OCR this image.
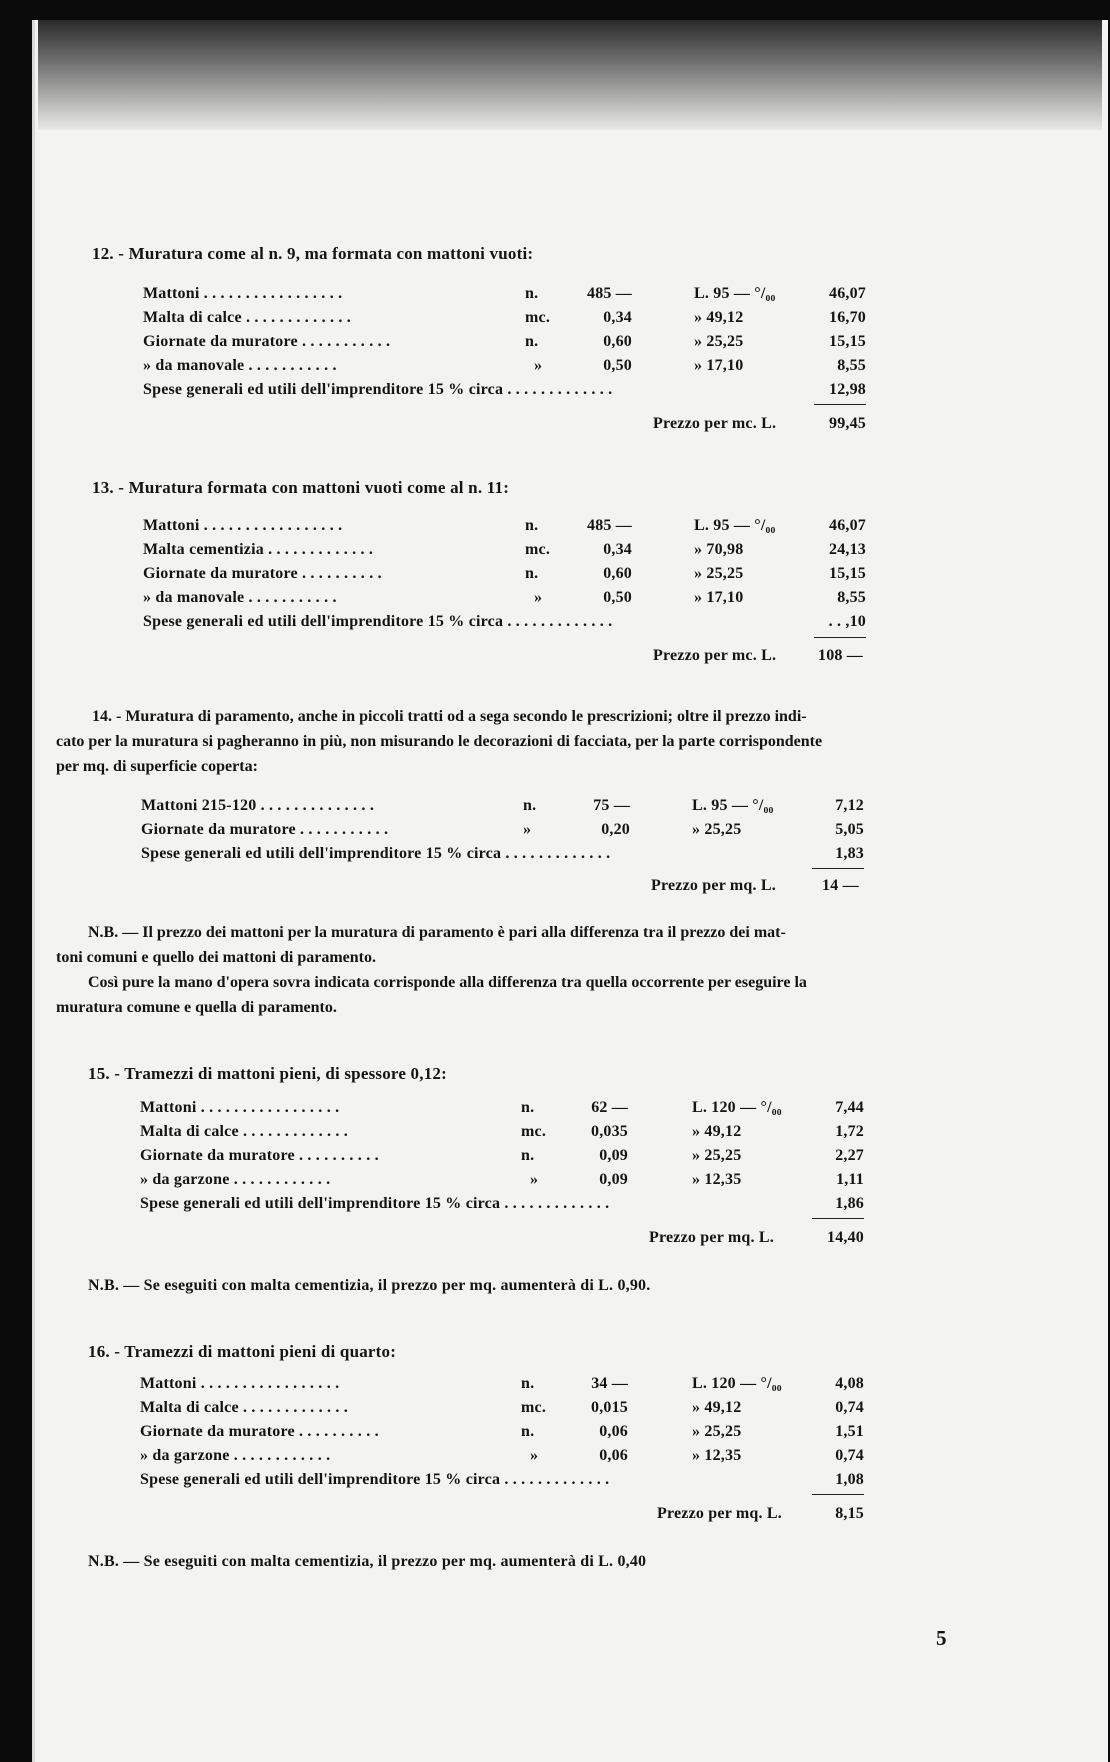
12. - Muratura come al n. 9, ma formata con mattoni vuoti:
Mattoni . . . . . . . . . . . . . . . . .	n.	485 —	L. 95 — °/₀₀	46,07
Malta di calce . . . . . . . . . . . . .	mc.	0,34	» 49,12	16,70
Giornate da muratore . . . . . . . . . . .	n.	0,60	» 25,25	15,15
» da manovale . . . . . . . . . . .	»	0,50	» 17,10	8,55
Spese generali ed utili dell'imprenditore 15 % circa . . . . . . . . . . . . .	12,98
Prezzo per mc. L.	99,45
13. - Muratura formata con mattoni vuoti come al n. 11:
Mattoni . . . . . . . . . . . . . . . . .	n.	485 —	L. 95 — °/₀₀	46,07
Malta cementizia . . . . . . . . . . . . .	mc.	0,34	» 70,98	24,13
Giornate da muratore . . . . . . . . . .	n.	0,60	» 25,25	15,15
» da manovale . . . . . . . . . . .	»	0,50	» 17,10	8,55
Spese generali ed utili dell'imprenditore 15 % circa . . . . . . . . . . . . .	. . ,10
Prezzo per mc. L.	108 —
14. - Muratura di paramento, anche in piccoli tratti od a sega secondo le prescrizioni; oltre il prezzo indi-
cato per la muratura si pagheranno in più, non misurando le decorazioni di facciata, per la parte corrispondente
per mq. di superficie coperta:
Mattoni 215-120 . . . . . . . . . . . . . .	n.	75 —	L. 95 — °/₀₀	7,12
Giornate da muratore . . . . . . . . . . .	»	0,20	» 25,25	5,05
Spese generali ed utili dell'imprenditore 15 % circa . . . . . . . . . . . . .	1,83
Prezzo per mq. L.	14 —
N.B. — Il prezzo dei mattoni per la muratura di paramento è pari alla differenza tra il prezzo dei mat-
toni comuni e quello dei mattoni di paramento.
Così pure la mano d'opera sovra indicata corrisponde alla differenza tra quella occorrente per eseguire la
muratura comune e quella di paramento.
15. - Tramezzi di mattoni pieni, di spessore 0,12:
Mattoni . . . . . . . . . . . . . . . . .	n.	62 —	L. 120 — °/₀₀	7,44
Malta di calce . . . . . . . . . . . . .	mc.	0,035	» 49,12	1,72
Giornate da muratore . . . . . . . . . .	n.	0,09	» 25,25	2,27
» da garzone . . . . . . . . . . . .	»	0,09	» 12,35	1,11
Spese generali ed utili dell'imprenditore 15 % circa . . . . . . . . . . . . .	1,86
Prezzo per mq. L.	14,40
N.B. — Se eseguiti con malta cementizia, il prezzo per mq. aumenterà di L. 0,90.
16. - Tramezzi di mattoni pieni di quarto:
Mattoni . . . . . . . . . . . . . . . . .	n.	34 —	L. 120 — °/₀₀	4,08
Malta di calce . . . . . . . . . . . . .	mc.	0,015	» 49,12	0,74
Giornate da muratore . . . . . . . . . .	n.	0,06	» 25,25	1,51
» da garzone . . . . . . . . . . . .	»	0,06	» 12,35	0,74
Spese generali ed utili dell'imprenditore 15 % circa . . . . . . . . . . . . .	1,08
Prezzo per mq. L.	8,15
N.B. — Se eseguiti con malta cementizia, il prezzo per mq. aumenterà di L. 0,40
5
